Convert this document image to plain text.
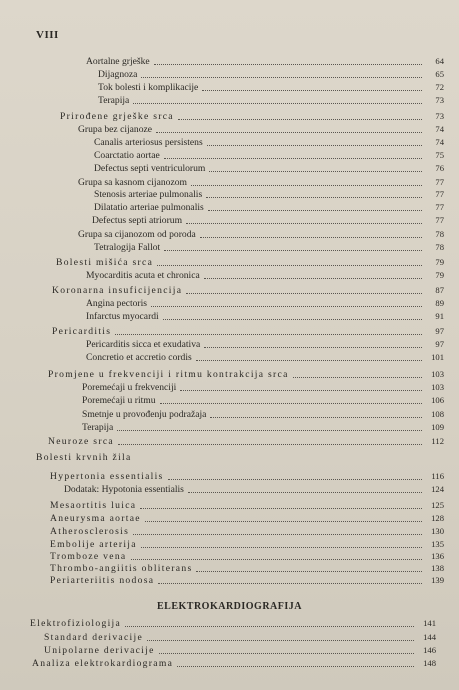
VIII
Aortalne grješke	64
Dijagnoza	65
Tok bolesti i komplikacije	72
Terapija	73
Prirođene grješke srca	73
Grupa bez cijanoze	74
Canalis arteriosus persistens	74
Coarctatio aortae	75
Defectus septi ventriculorum	76
Grupa sa kasnom cijanozom	77
Stenosis arteriae pulmonalis	77
Dilatatio arteriae pulmonalis	77
Defectus septi atriorum	77
Grupa sa cijanozom od poroda	78
Tetralogija Fallot	78
Bolesti mišića srca	79
Myocarditis acuta et chronica	79
Koronarna insuficijencija	87
Angina pectoris	89
Infarctus myocardi	91
Pericarditis	97
Pericarditis sicca et exudativa	97
Concretio et accretio cordis	101
Promjene u frekvenciji i ritmu kontrakcija srca	103
Poremećaji u frekvenciji	103
Poremećaji u ritmu	106
Smetnje u provođenju podražaja	108
Terapija	109
Neuroze srca	112
Bolesti krvnih žila
Hypertonia essentialis	116
Dodatak: Hypotonia essentialis	124
Mesaortitis luica	125
Aneurysma aortae	128
Atherosclerosis	130
Embolije arterija	135
Tromboze vena	136
Thrombo-angiitis obliterans	138
Periarteriitis nodosa	139
Elektrofiziologija	141
Standard derivacije	144
Unipolarne derivacije	146
Analiza elektrokardiograma	148
ELEKTROKARDIOGRAFIJA
